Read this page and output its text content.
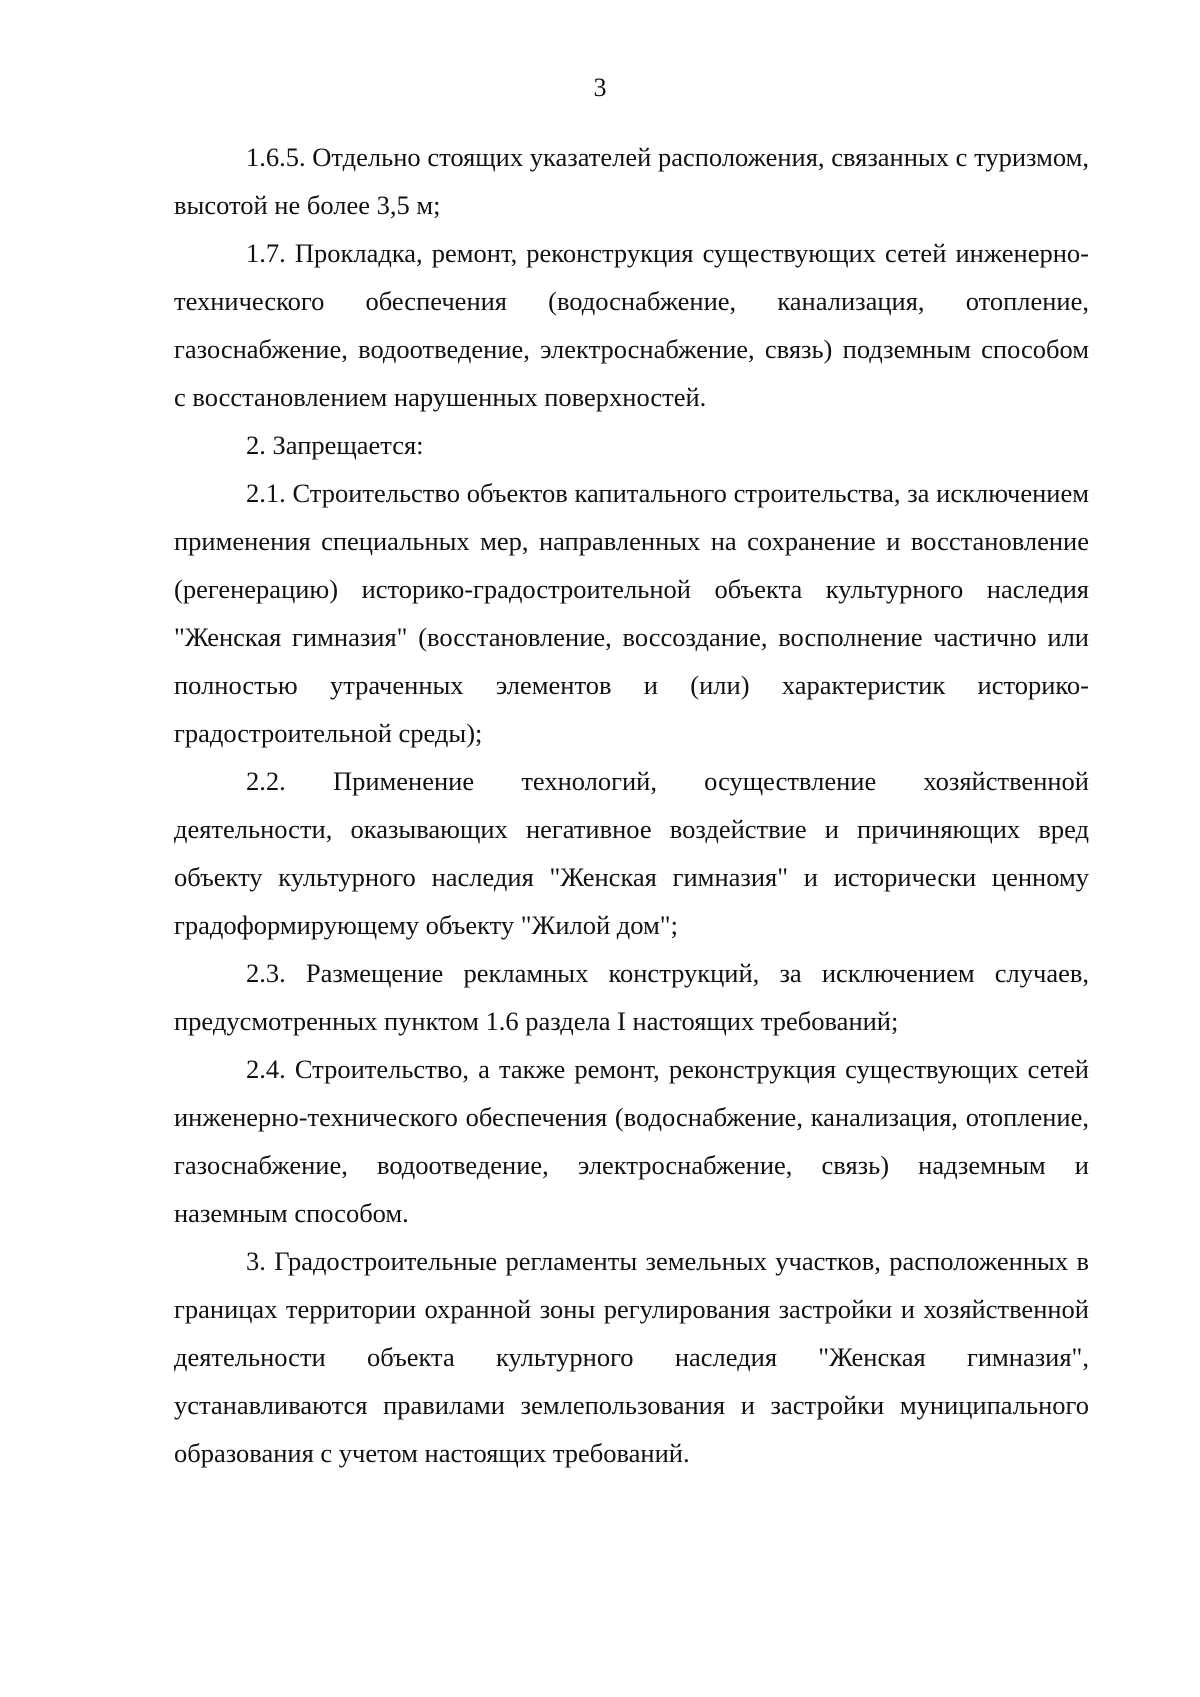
3

1.6.5. Отдельно стоящих указателей расположения, связанных с туризмом, высотой не более 3,5 м;

1.7. Прокладка, ремонт, реконструкция существующих сетей инженерно-технического обеспечения (водоснабжение, канализация, отопление, газоснабжение, водоотведение, электроснабжение, связь) подземным способом с восстановлением нарушенных поверхностей.

2. Запрещается:

2.1. Строительство объектов капитального строительства, за исключением применения специальных мер, направленных на сохранение и восстановление (регенерацию) историко-градостроительной объекта культурного наследия "Женская гимназия" (восстановление, воссоздание, восполнение частично или полностью утраченных элементов и (или) характеристик историко-градостроительной среды);

2.2. Применение технологий, осуществление хозяйственной деятельности, оказывающих негативное воздействие и причиняющих вред объекту культурного наследия "Женская гимназия" и исторически ценному градоформирующему объекту "Жилой дом";

2.3. Размещение рекламных конструкций, за исключением случаев, предусмотренных пунктом 1.6 раздела I настоящих требований;

2.4. Строительство, а также ремонт, реконструкция существующих сетей инженерно-технического обеспечения (водоснабжение, канализация, отопление, газоснабжение, водоотведение, электроснабжение, связь) надземным и наземным способом.

3. Градостроительные регламенты земельных участков, расположенных в границах территории охранной зоны регулирования застройки и хозяйственной деятельности объекта культурного наследия "Женская гимназия", устанавливаются правилами землепользования и застройки муниципального образования с учетом настоящих требований.
